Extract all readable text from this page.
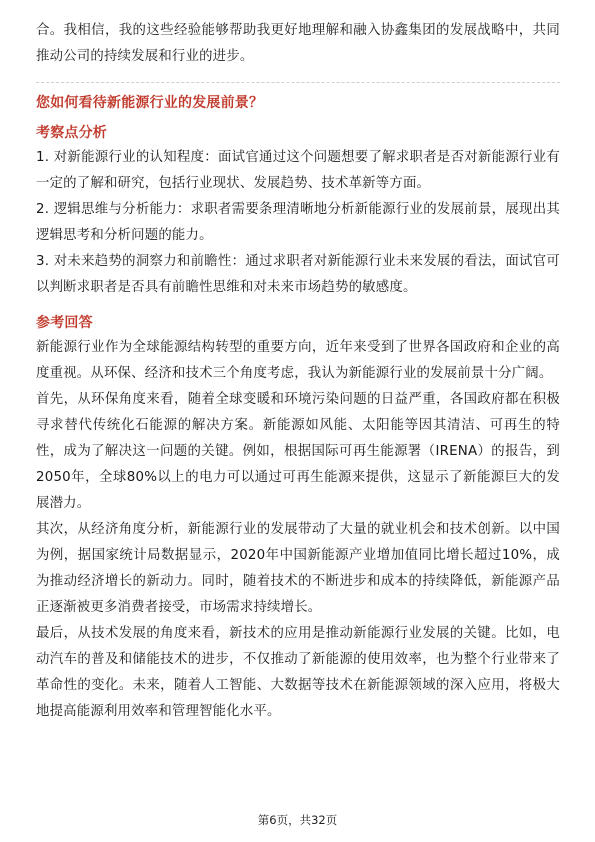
合。我相信，我的这些经验能够帮助我更好地理解和融入协鑫集团的发展战略中，共同推动公司的持续发展和行业的进步。

您如何看待新能源行业的发展前景？

考察点分析

1. 对新能源行业的认知程度：面试官通过这个问题想要了解求职者是否对新能源行业有一定的了解和研究，包括行业现状、发展趋势、技术革新等方面。

2. 逻辑思维与分析能力：求职者需要条理清晰地分析新能源行业的发展前景，展现出其逻辑思考和分析问题的能力。

3. 对未来趋势的洞察力和前瞻性：通过求职者对新能源行业未来发展的看法，面试官可以判断求职者是否具有前瞻性思维和对未来市场趋势的敏感度。

参考回答

新能源行业作为全球能源结构转型的重要方向，近年来受到了世界各国政府和企业的高度重视。从环保、经济和技术三个角度考虑，我认为新能源行业的发展前景十分广阔。

首先，从环保角度来看，随着全球变暖和环境污染问题的日益严重，各国政府都在积极寻求替代传统化石能源的解决方案。新能源如风能、太阳能等因其清洁、可再生的特性，成为了解决这一问题的关键。例如，根据国际可再生能源署（IRENA）的报告，到2050年，全球80%以上的电力可以通过可再生能源来提供，这显示了新能源巨大的发展潜力。

其次，从经济角度分析，新能源行业的发展带动了大量的就业机会和技术创新。以中国为例，据国家统计局数据显示，2020年中国新能源产业增加值同比增长超过10%，成为推动经济增长的新动力。同时，随着技术的不断进步和成本的持续降低，新能源产品正逐渐被更多消费者接受，市场需求持续增长。

最后，从技术发展的角度来看，新技术的应用是推动新能源行业发展的关键。比如，电动汽车的普及和储能技术的进步，不仅推动了新能源的使用效率，也为整个行业带来了革命性的变化。未来，随着人工智能、大数据等技术在新能源领域的深入应用，将极大地提高能源利用效率和管理智能化水平。

第6页，共32页
